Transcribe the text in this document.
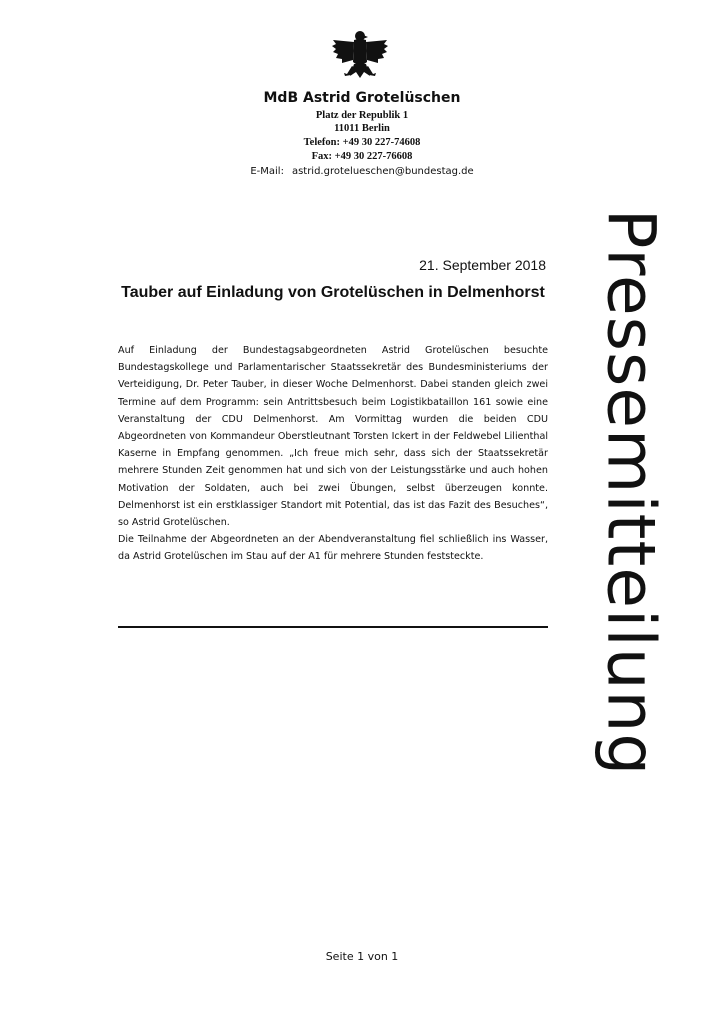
MdB Astrid Grotelüschen
Platz der Republik 1
11011 Berlin
Telefon: +49 30 227-74608
Fax: +49 30 227-76608
E-Mail: astrid.grotelueschen@bundestag.de
Pressemitteilung
21. September 2018
Tauber auf Einladung von Grotelüschen in Delmenhorst

Auf Einladung der Bundestagsabgeordneten Astrid Grotelüschen besuchte Bundestagskollege und Parlamentarischer Staatssekretär des Bundesministeriums der Verteidigung, Dr. Peter Tauber, in dieser Woche Delmenhorst. Dabei standen gleich zwei Termine auf dem Programm: sein Antrittsbesuch beim Logistikbataillon 161 sowie eine Veranstaltung der CDU Delmenhorst. Am Vormittag wurden die beiden CDU Abgeordneten von Kommandeur Oberstleutnant Torsten Ickert in der Feldwebel Lilienthal Kaserne in Empfang genommen. „Ich freue mich sehr, dass sich der Staatssekretär mehrere Stunden Zeit genommen hat und sich von der Leistungsstärke und auch hohen Motivation der Soldaten, auch bei zwei Übungen, selbst überzeugen konnte. Delmenhorst ist ein erstklassiger Standort mit Potential, das ist das Fazit des Besuches“, so Astrid Grotelüschen.

Die Teilnahme der Abgeordneten an der Abendveranstaltung fiel schließlich ins Wasser, da Astrid Grotelüschen im Stau auf der A1 für mehrere Stunden feststeckte.

Seite 1 von 1
